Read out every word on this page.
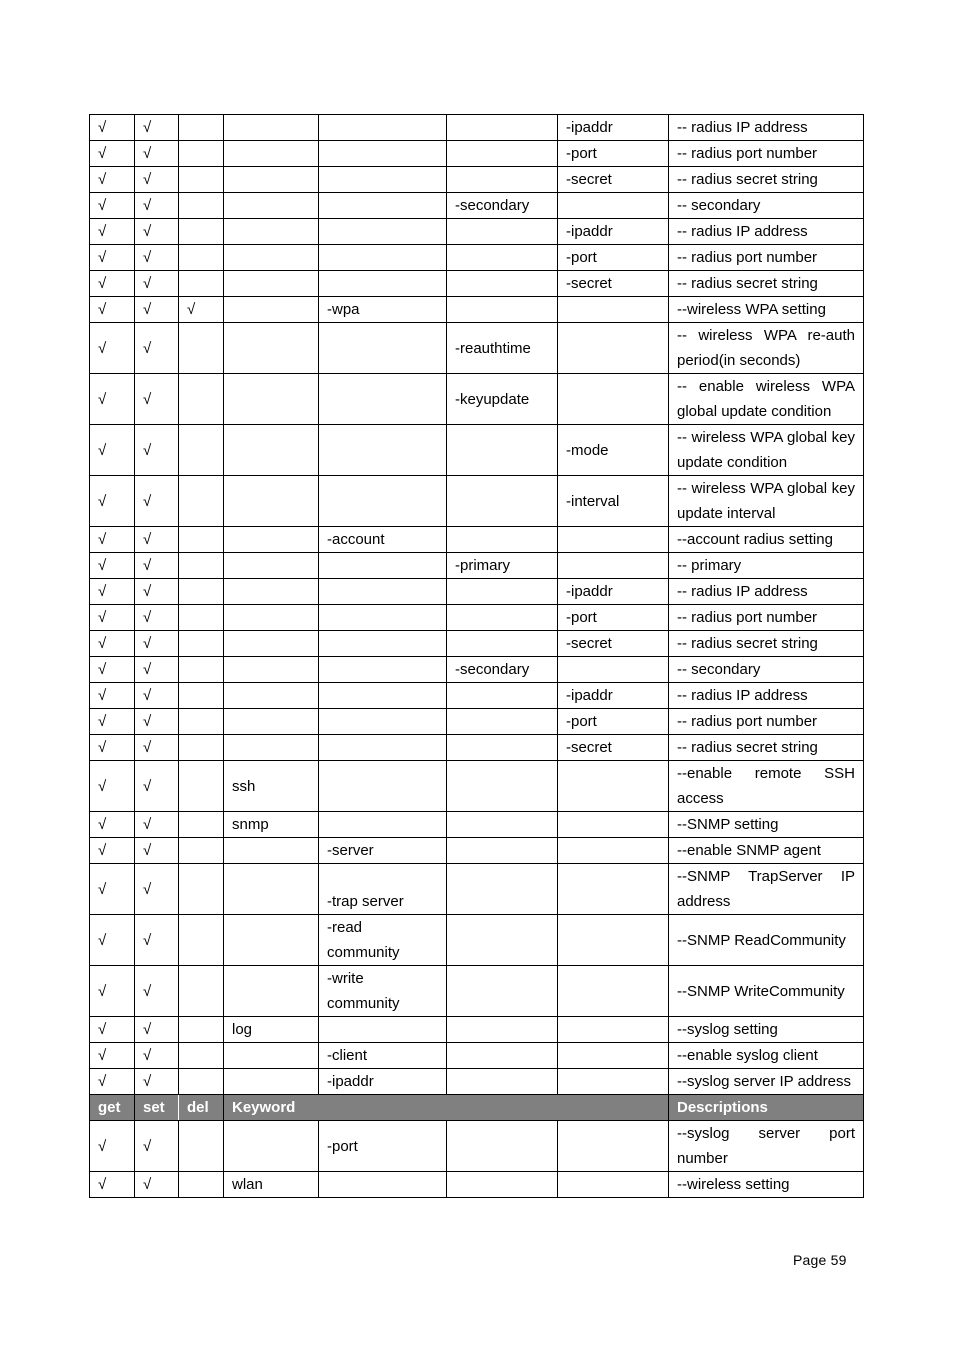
√	√					-ipaddr	-- radius IP address
√	√					-port	-- radius port number
√	√					-secret	-- radius secret string
√	√				-secondary		-- secondary
√	√					-ipaddr	-- radius IP address
√	√					-port	-- radius port number
√	√					-secret	-- radius secret string
√	√	√		-wpa			--wireless WPA setting
√	√				-reauthtime		-- wireless WPA re-auth period(in seconds)
√	√				-keyupdate		-- enable wireless WPA global update condition
√	√					-mode	-- wireless WPA global key update condition
√	√					-interval	-- wireless WPA global key update interval
√	√			-account			--account radius setting
√	√				-primary		-- primary
√	√					-ipaddr	-- radius IP address
√	√					-port	-- radius port number
√	√					-secret	-- radius secret string
√	√				-secondary		-- secondary
√	√					-ipaddr	-- radius IP address
√	√					-port	-- radius port number
√	√					-secret	-- radius secret string
√	√		ssh				--enable remote SSH access
√	√		snmp				--SNMP setting
√	√			-server			--enable SNMP agent
√	√			-trap server			--SNMP TrapServer IP address
√	√			-read community			--SNMP ReadCommunity
√	√			-write community			--SNMP WriteCommunity
√	√		log				--syslog setting
√	√			-client			--enable syslog client
√	√			-ipaddr			--syslog server IP address
get	set	del	Keyword				Descriptions
√	√			-port			--syslog server port number
√	√		wlan				--wireless setting
Page 59
